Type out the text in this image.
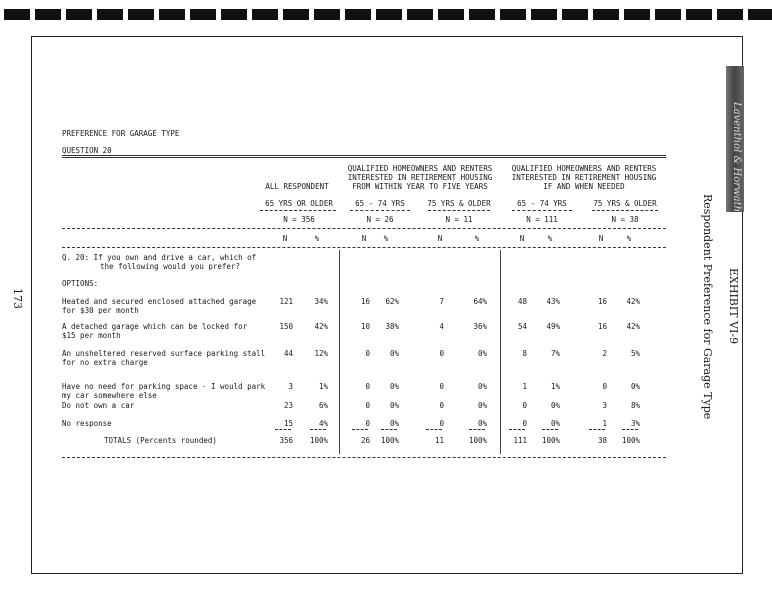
Laventhol & Horwath
173	EXHIBIT VI-9
Respondent Preference for Garage Type
PREFERENCE FOR GARAGE TYPE
QUESTION 20
ALL RESPONDENT
QUALIFIED HOMEOWNERS AND RENTERS
INTERESTED IN RETIREMENT HOUSING
FROM WITHIN YEAR TO FIVE YEARS
QUALIFIED HOMEOWNERS AND RENTERS
INTERESTED IN RETIREMENT HOUSING
IF AND WHEN NEEDED
65 YRS OR OLDER	65 - 74 YRS	75 YRS & OLDER	65 - 74 YRS	75 YRS & OLDER
N = 356	N = 26	N = 11	N = 111	N = 38
N	%	N	%	N	%	N	%	N	%
Q. 20: If you own and drive a car, which of
the following would you prefer?
OPTIONS:
Heated and secured enclosed attached garage
for $30 per month
121	34%	16	62%	7	64%	48	43%	16	42%
A detached garage which can be locked for
$15 per month
150	42%	10	38%	4	36%	54	49%	16	42%
An unsheltered reserved surface parking stall
for no extra charge
44	12%	0	0%	0	0%	8	7%	2	5%
Have no need for parking space - I would park
my car somewhere else
3	1%	0	0%	0	0%	1	1%	0	0%
Do not own a car	23	6%	0	0%	0	0%	0	0%	3	8%
No response	15	4%	0	0%	0	0%	0	0%	1	3%
TOTALS (Percents rounded)	356	100%	26	100%	11	100%	111	100%	38	100%
